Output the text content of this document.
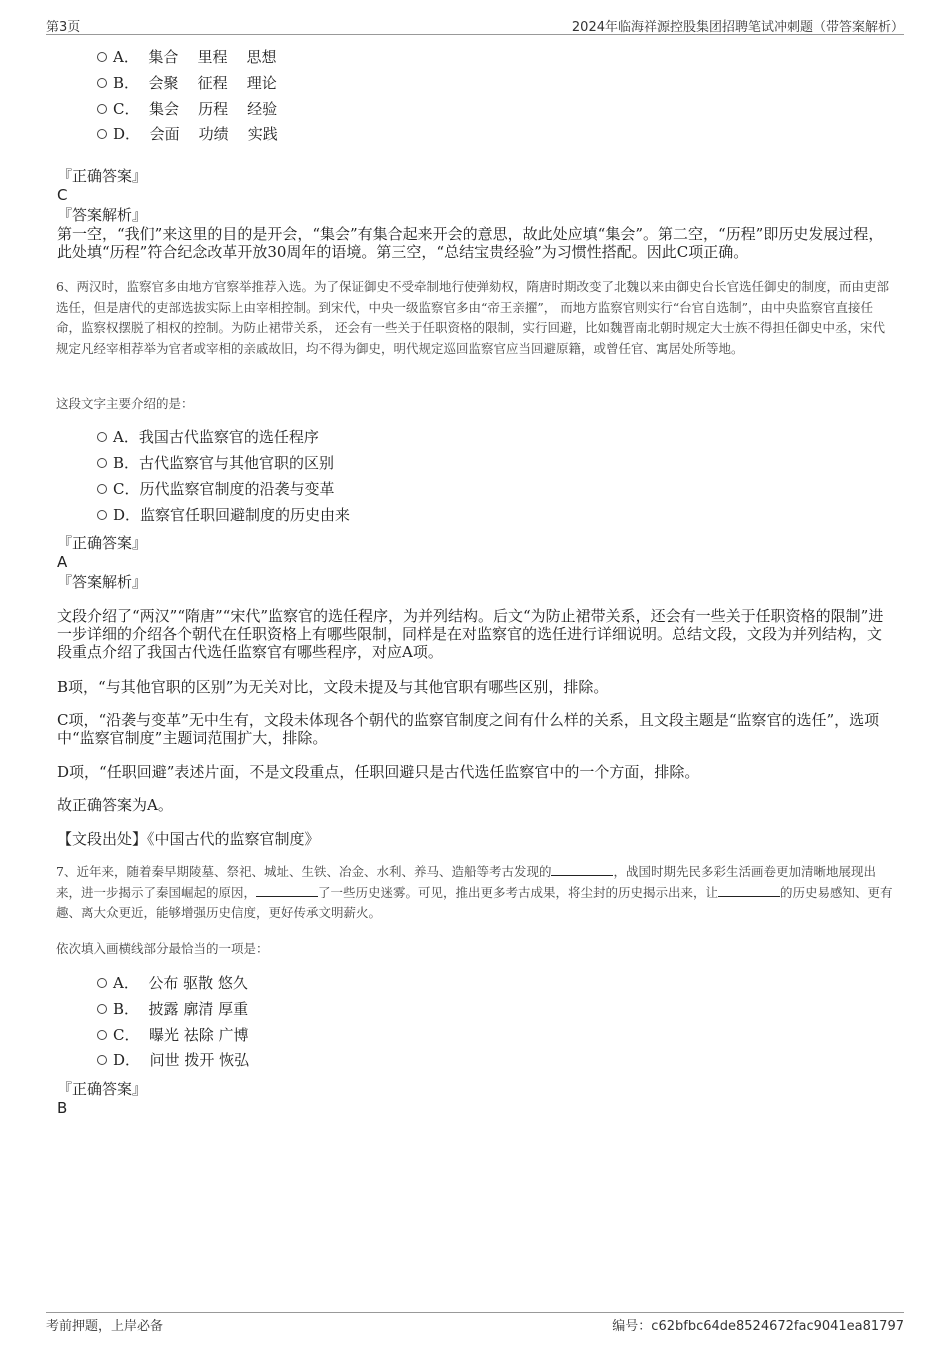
第3页	2024年临海祥源控股集团招聘笔试冲刺题（带答案解析）
A．  集合    里程    思想
B．  会聚    征程    理论
C．  集会    历程    经验
D．  会面    功绩    实践
『正确答案』
C
『答案解析』
第一空，“我们”来这里的目的是开会，“集会”有集合起来开会的意思，故此处应填“集会”。第二空，“历程”即历史发展过程，此处填“历程”符合纪念改革开放30周年的语境。第三空，“总结宝贵经验”为习惯性搭配。因此C项正确。
6、两汉时，监察官多由地方官察举推荐入选。为了保证御史不受牵制地行使弹劾权，隋唐时期改变了北魏以来由御史台长官选任御史的制度，而由吏部选任，但是唐代的吏部选拔实际上由宰相控制。到宋代，中央一级监察官多由“帝王亲擢”， 而地方监察官则实行“台官自选制”，由中央监察官直接任命，监察权摆脱了相权的控制。为防止裙带关系， 还会有一些关于任职资格的限制，实行回避，比如魏晋南北朝时规定大士族不得担任御史中丞，宋代规定凡经宰相荐举为官者或宰相的亲戚故旧，均不得为御史，明代规定巡回监察官应当回避原籍，或曾任官、寓居处所等地。
这段文字主要介绍的是：
A．我国古代监察官的选任程序
B．古代监察官与其他官职的区别
C．历代监察官制度的沿袭与变革
D．监察官任职回避制度的历史由来
『正确答案』
A
『答案解析』
文段介绍了“两汉”“隋唐”“宋代”监察官的选任程序，为并列结构。后文“为防止裙带关系，还会有一些关于任职资格的限制”进一步详细的介绍各个朝代在任职资格上有哪些限制，同样是在对监察官的选任进行详细说明。总结文段，文段为并列结构，文段重点介绍了我国古代选任监察官有哪些程序，对应A项。
B项，“与其他官职的区别”为无关对比，文段未提及与其他官职有哪些区别，排除。
C项，“沿袭与变革”无中生有，文段未体现各个朝代的监察官制度之间有什么样的关系，且文段主题是“监察官的选任”，选项中“监察官制度”主题词范围扩大，排除。
D项，“任职回避”表述片面，不是文段重点，任职回避只是古代选任监察官中的一个方面，排除。
故正确答案为A。
【文段出处】《中国古代的监察官制度》
7、近年来，随着秦早期陵墓、祭祀、城址、生铁、冶金、水利、养马、造船等考古发现的	，战国时期先民多彩生活画卷更加清晰地展现出来，进一步揭示了秦国崛起的原因，	了一些历史迷雾。可见，推出更多考古成果，将尘封的历史揭示出来，让	的历史易感知、更有趣、离大众更近，能够增强历史信度，更好传承文明薪火。
依次填入画横线部分最恰当的一项是：
A．  公布 驱散 悠久
B．  披露 廓清 厚重
C．  曝光 祛除 广博
D．  问世 拨开 恢弘
『正确答案』
B
考前押题，上岸必备	编号：c62bfbc64de8524672fac9041ea81797
